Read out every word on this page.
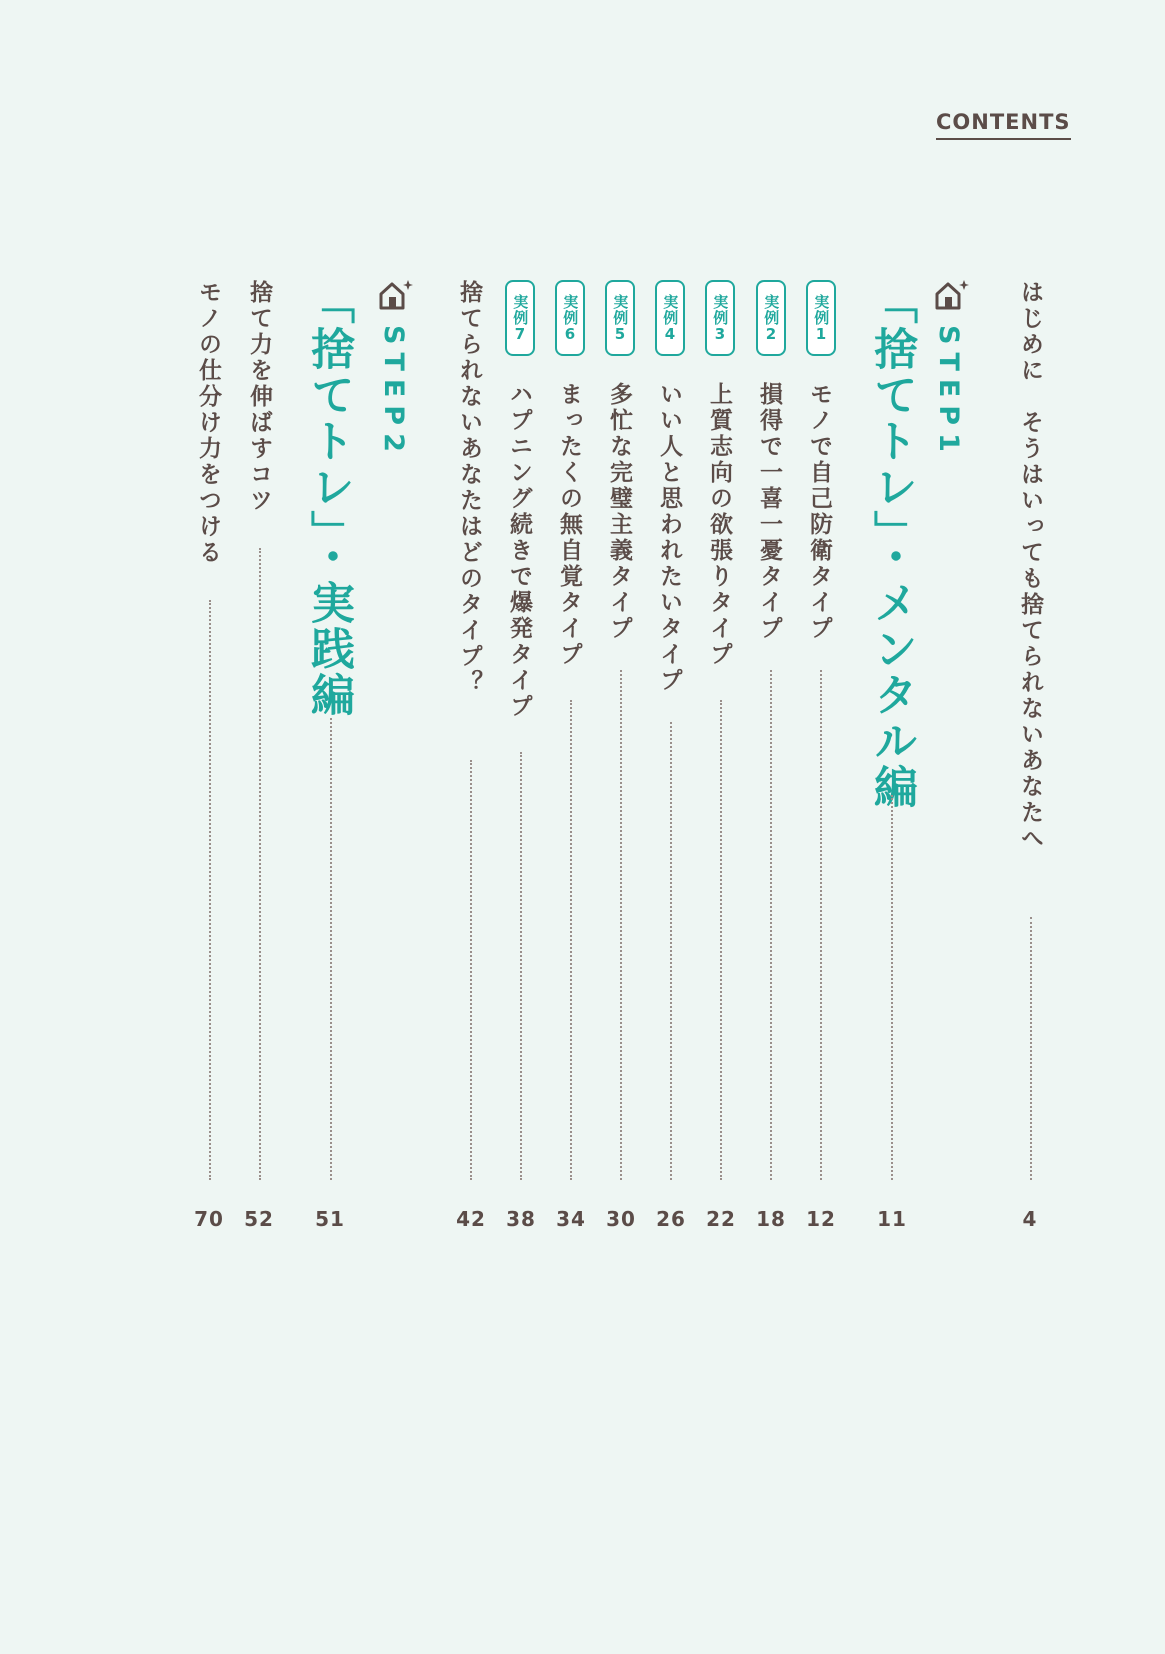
CONTENTS
はじめに　そうはいっても捨てられないあなたへ
4
STEP1
「捨てトレ」・メンタル編
11
実例
1
モノで自己防衛タイプ
12
実例
2
損得で一喜一憂タイプ
18
実例
3
上質志向の欲張りタイプ
22
実例
4
いい人と思われたいタイプ
26
実例
5
多忙な完璧主義タイプ
30
実例
6
まったくの無自覚タイプ
34
実例
7
ハプニング続きで爆発タイプ
38
捨てられないあなたはどのタイプ？
42
STEP2
「捨てトレ」・実践編
51
捨て力を伸ばすコツ
52
モノの仕分け力をつける
70
